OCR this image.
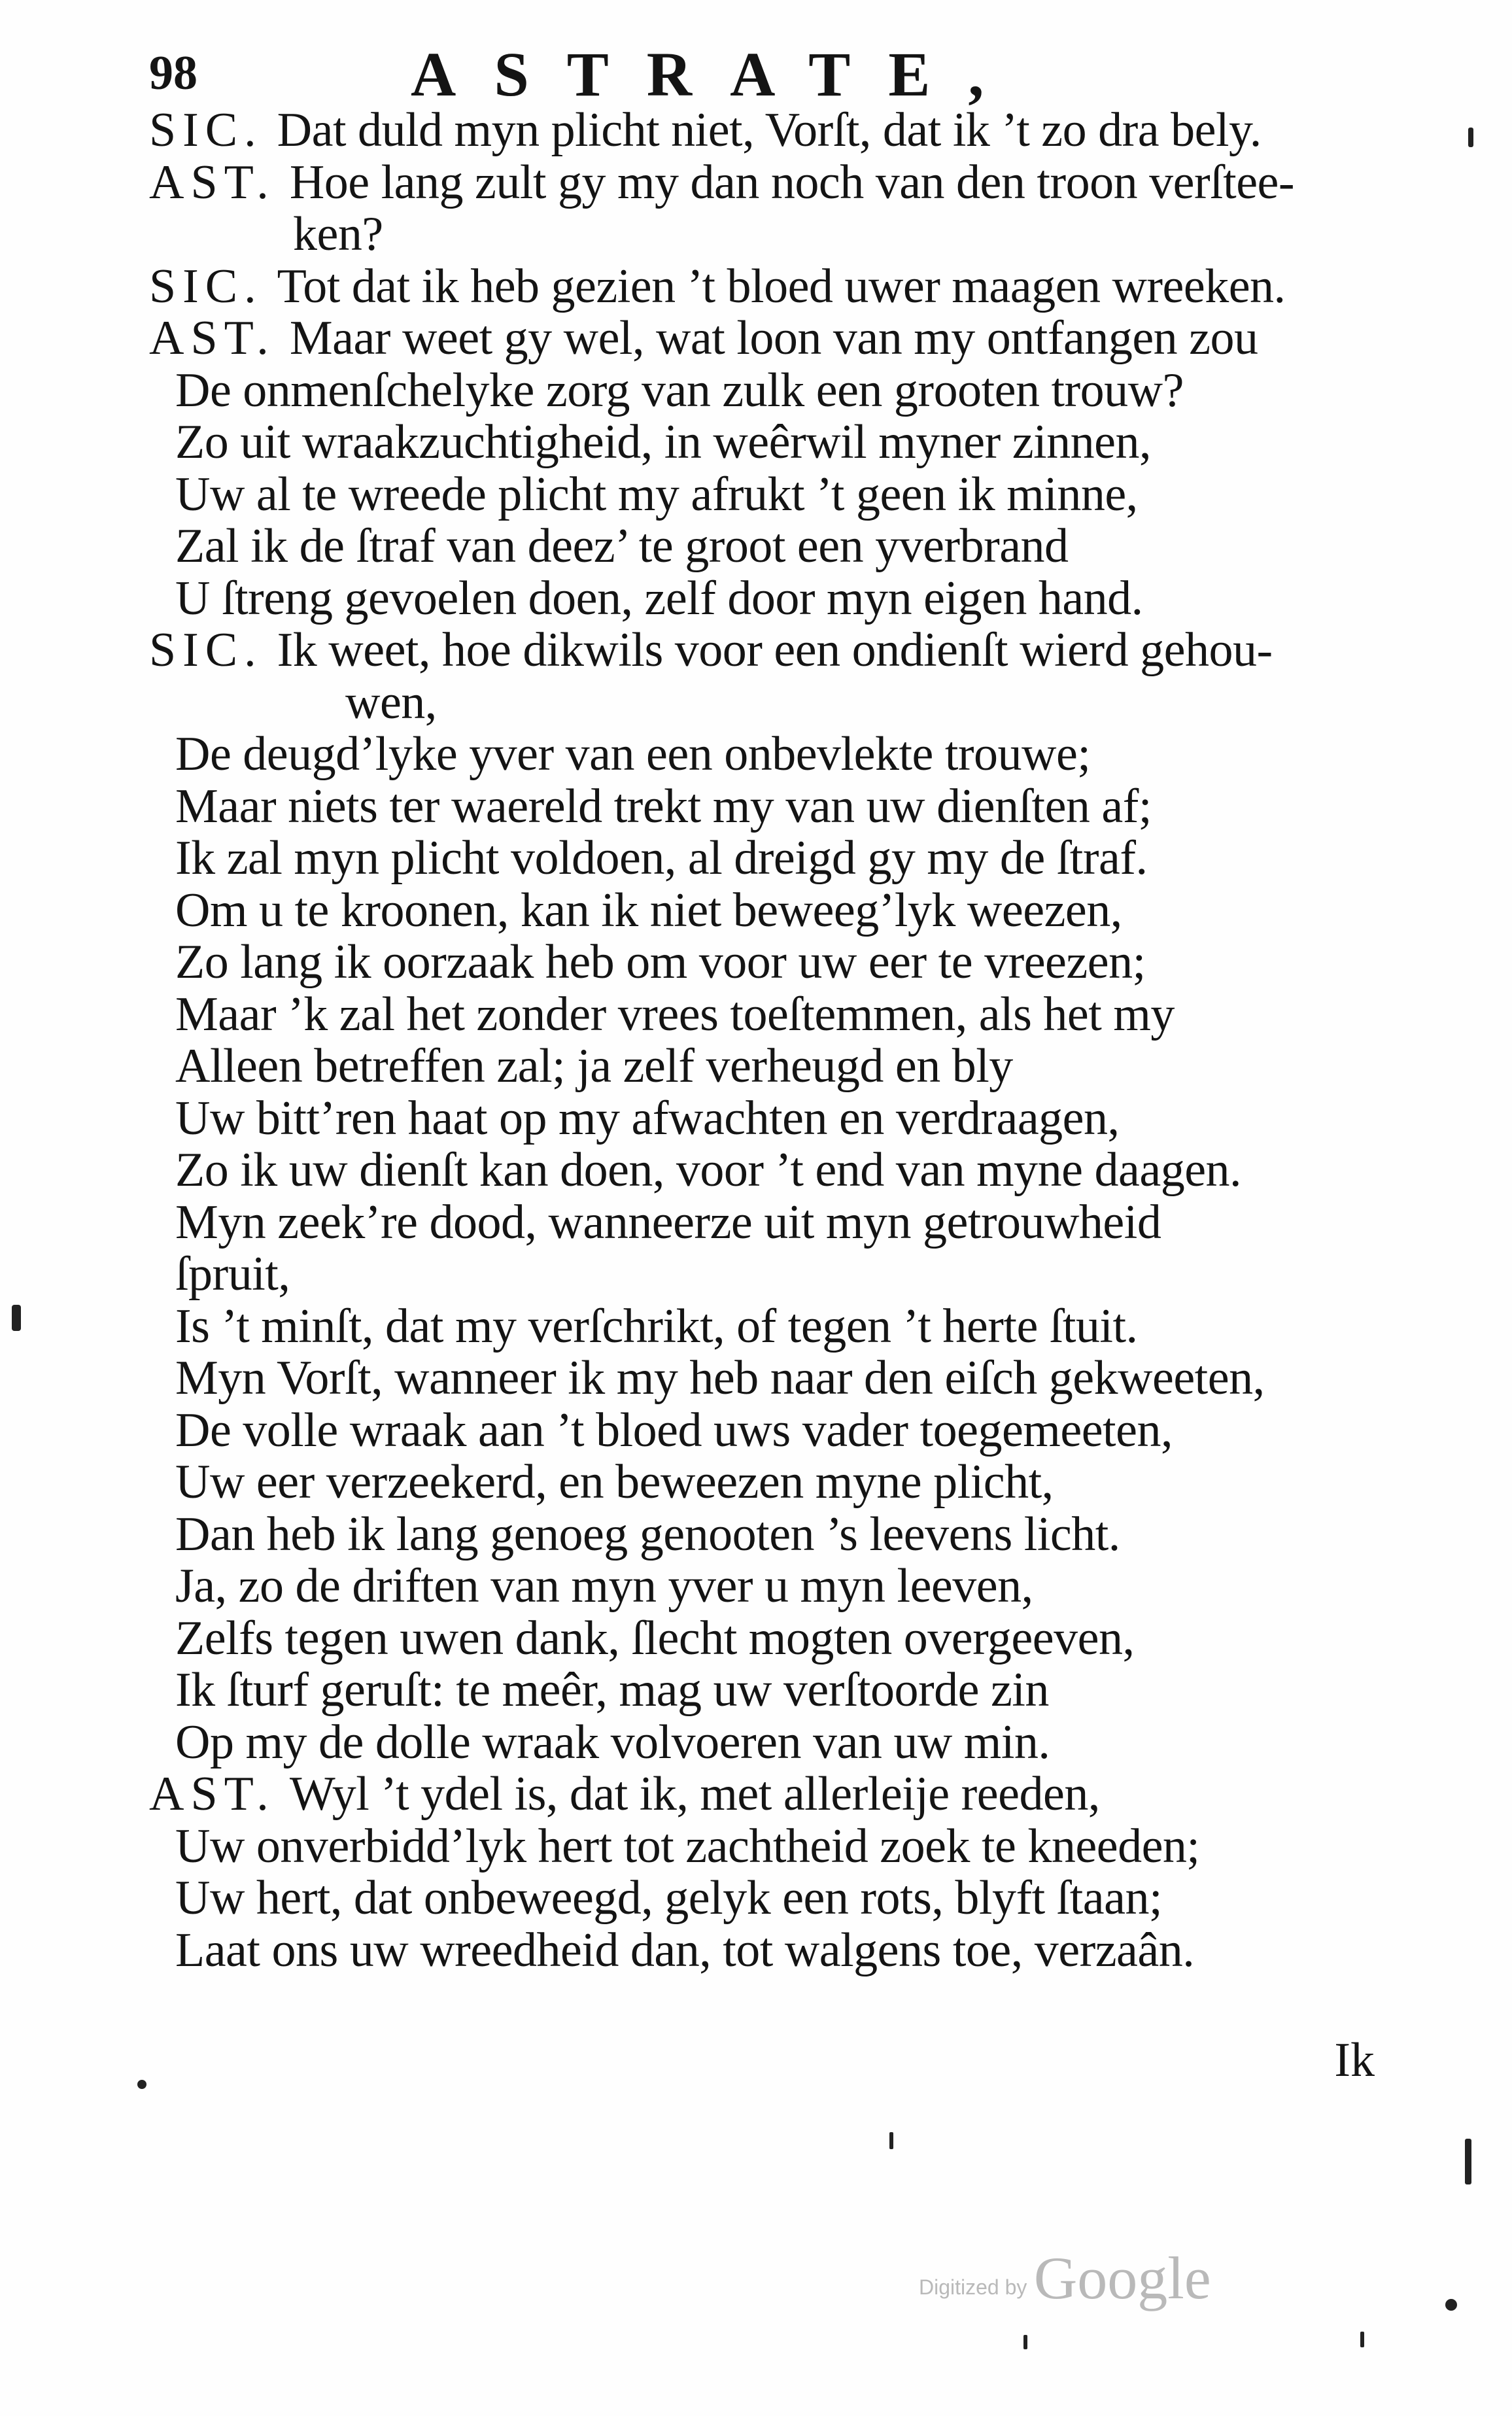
98	ASTRATE,
SIC. Dat duld myn plicht niet, Vorſt, dat ik ’t zo dra bely.
AST. Hoe lang zult gy my dan noch van den troon verſtee-
ken?
SIC. Tot dat ik heb gezien ’t bloed uwer maagen wreeken.
AST. Maar weet gy wel, wat loon van my ontfangen zou
De onmenſchelyke zorg van zulk een grooten trouw?
Zo uit wraakzuchtigheid, in weêrwil myner zinnen,
Uw al te wreede plicht my afrukt ’t geen ik minne,
Zal ik de ſtraf van deez’ te groot een yverbrand
U ſtreng gevoelen doen, zelf door myn eigen hand.
SIC. Ik weet, hoe dikwils voor een ondienſt wierd gehou-
wen,
De deugd’lyke yver van een onbevlekte trouwe;
Maar niets ter waereld trekt my van uw dienſten af;
Ik zal myn plicht voldoen, al dreigd gy my de ſtraf.
Om u te kroonen, kan ik niet beweeg’lyk weezen,
Zo lang ik oorzaak heb om voor uw eer te vreezen;
Maar ’k zal het zonder vrees toeſtemmen, als het my
Alleen betreffen zal; ja zelf verheugd en bly
Uw bitt’ren haat op my afwachten en verdraagen,
Zo ik uw dienſt kan doen, voor ’t end van myne daagen.
Myn zeek’re dood, wanneerze uit myn getrouwheid
ſpruit,
Is ’t minſt, dat my verſchrikt, of tegen ’t herte ſtuit.
Myn Vorſt, wanneer ik my heb naar den eiſch gekweeten,
De volle wraak aan ’t bloed uws vader toegemeeten,
Uw eer verzeekerd, en beweezen myne plicht,
Dan heb ik lang genoeg genooten ’s leevens licht.
Ja, zo de driften van myn yver u myn leeven,
Zelfs tegen uwen dank, ſlecht mogten overgeeven,
Ik ſturf geruſt: te meêr, mag uw verſtoorde zin
Op my de dolle wraak volvoeren van uw min.
AST. Wyl ’t ydel is, dat ik, met allerleije reeden,
Uw onverbidd’lyk hert tot zachtheid zoek te kneeden;
Uw hert, dat onbeweegd, gelyk een rots, blyft ſtaan;
Laat ons uw wreedheid dan, tot walgens toe, verzaân.
Ik
Digitized by Google
